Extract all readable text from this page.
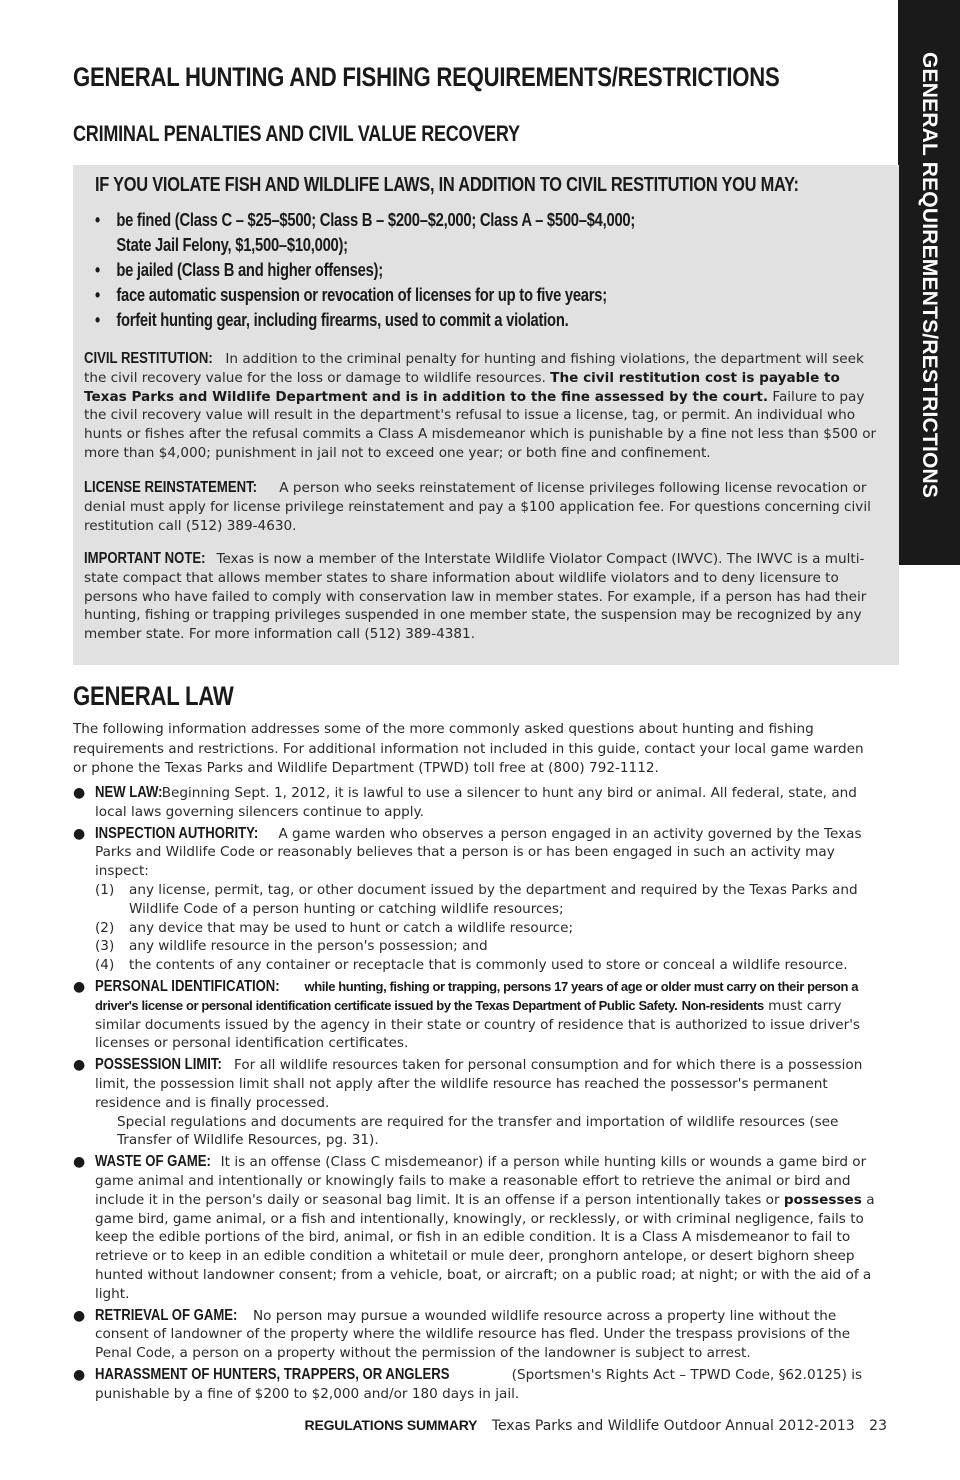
GENERAL REQUIREMENTS/RESTRICTIONS
GENERAL HUNTING AND FISHING REQUIREMENTS/RESTRICTIONS
CRIMINAL PENALTIES AND CIVIL VALUE RECOVERY
IF YOU VIOLATE FISH AND WILDLIFE LAWS, IN ADDITION TO CIVIL RESTITUTION YOU MAY:
• be fined (Class C – $25–$500; Class B – $200–$2,000; Class A – $500–$4,000;
State Jail Felony, $1,500–$10,000);
• be jailed (Class B and higher offenses);
• face automatic suspension or revocation of licenses for up to five years;
• forfeit hunting gear, including firearms, used to commit a violation.
CIVIL RESTITUTION: In addition to the criminal penalty for hunting and fishing violations, the department will seek the civil recovery value for the loss or damage to wildlife resources. The civil restitution cost is payable to Texas Parks and Wildlife Department and is in addition to the fine assessed by the court. Failure to pay the civil recovery value will result in the department's refusal to issue a license, tag, or permit. An individual who hunts or fishes after the refusal commits a Class A misdemeanor which is punishable by a fine not less than $500 or more than $4,000; punishment in jail not to exceed one year; or both fine and confinement.
LICENSE REINSTATEMENT: A person who seeks reinstatement of license privileges following license revocation or denial must apply for license privilege reinstatement and pay a $100 application fee. For questions concerning civil restitution call (512) 389-4630.
IMPORTANT NOTE: Texas is now a member of the Interstate Wildlife Violator Compact (IWVC). The IWVC is a multi-state compact that allows member states to share information about wildlife violators and to deny licensure to persons who have failed to comply with conservation law in member states. For example, if a person has had their hunting, fishing or trapping privileges suspended in one member state, the suspension may be recognized by any member state. For more information call (512) 389-4381.
GENERAL LAW
The following information addresses some of the more commonly asked questions about hunting and fishing requirements and restrictions. For additional information not included in this guide, contact your local game warden or phone the Texas Parks and Wildlife Department (TPWD) toll free at (800) 792-1112.
● NEW LAW: Beginning Sept. 1, 2012, it is lawful to use a silencer to hunt any bird or animal. All federal, state, and local laws governing silencers continue to apply.
● INSPECTION AUTHORITY: A game warden who observes a person engaged in an activity governed by the Texas Parks and Wildlife Code or reasonably believes that a person is or has been engaged in such an activity may inspect:
(1) any license, permit, tag, or other document issued by the department and required by the Texas Parks and Wildlife Code of a person hunting or catching wildlife resources;
(2) any device that may be used to hunt or catch a wildlife resource;
(3) any wildlife resource in the person's possession; and
(4) the contents of any container or receptacle that is commonly used to store or conceal a wildlife resource.
● PERSONAL IDENTIFICATION: while hunting, fishing or trapping, persons 17 years of age or older must carry on their person a driver's license or personal identification certificate issued by the Texas Department of Public Safety. Non-residents must carry similar documents issued by the agency in their state or country of residence that is authorized to issue driver's licenses or personal identification certificates.
● POSSESSION LIMIT: For all wildlife resources taken for personal consumption and for which there is a possession limit, the possession limit shall not apply after the wildlife resource has reached the possessor's permanent residence and is finally processed.
Special regulations and documents are required for the transfer and importation of wildlife resources (see Transfer of Wildlife Resources, pg. 31).
● WASTE OF GAME: It is an offense (Class C misdemeanor) if a person while hunting kills or wounds a game bird or game animal and intentionally or knowingly fails to make a reasonable effort to retrieve the animal or bird and include it in the person's daily or seasonal bag limit. It is an offense if a person intentionally takes or possesses a game bird, game animal, or a fish and intentionally, knowingly, or recklessly, or with criminal negligence, fails to keep the edible portions of the bird, animal, or fish in an edible condition. It is a Class A misdemeanor to fail to retrieve or to keep in an edible condition a whitetail or mule deer, pronghorn antelope, or desert bighorn sheep hunted without landowner consent; from a vehicle, boat, or aircraft; on a public road; at night; or with the aid of a light.
● RETRIEVAL OF GAME: No person may pursue a wounded wildlife resource across a property line without the consent of landowner of the property where the wildlife resource has fled. Under the trespass provisions of the Penal Code, a person on a property without the permission of the landowner is subject to arrest.
● HARASSMENT OF HUNTERS, TRAPPERS, OR ANGLERS	(Sportsmen's Rights Act – TPWD Code, §62.0125) is punishable by a fine of $200 to $2,000 and/or 180 days in jail.
REGULATIONS SUMMARY Texas Parks and Wildlife Outdoor Annual 2012-2013 23
